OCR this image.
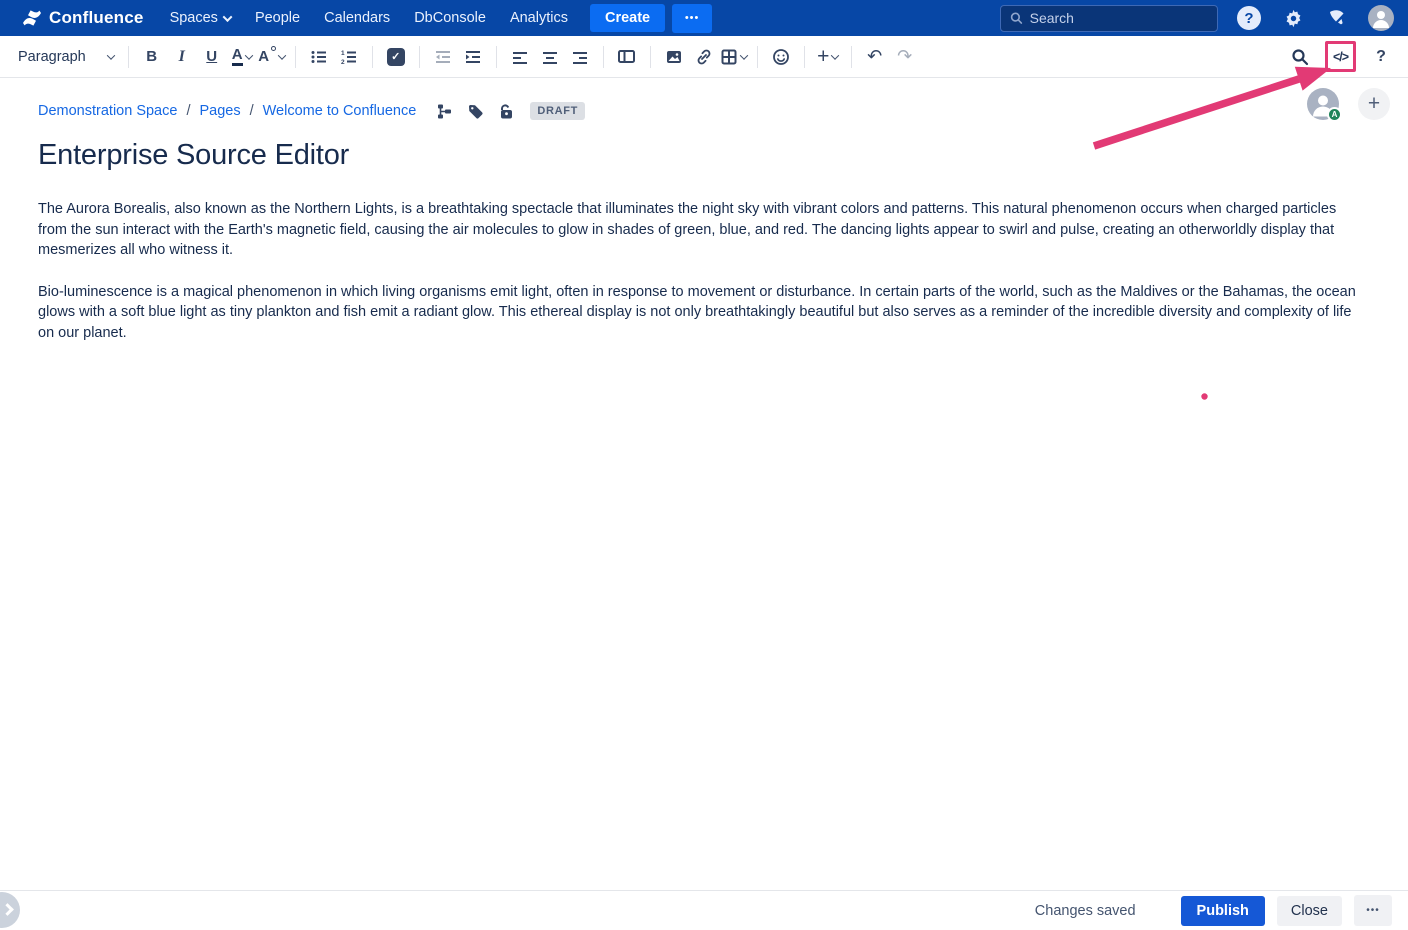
Confluence Spaces	People Calendars DbConsole Analytics	Create	•••
Search	?
Paragraph	B I U A A	1
2	✓	+ ↶ ↷	</> ?
Demonstration Space / Pages / Welcome to Confluence	DRAFT	A +
Enterprise Source Editor

The Aurora Borealis, also known as the Northern Lights, is a breathtaking spectacle that illuminates the night sky with vibrant colors and patterns. This natural phenomenon occurs when charged particles from the sun interact with the Earth's magnetic field, causing the air molecules to glow in shades of green, blue, and red. The dancing lights appear to swirl and pulse, creating an otherworldly display that mesmerizes all who witness it.

Bio-luminescence is a magical phenomenon in which living organisms emit light, often in response to movement or disturbance. In certain parts of the world, such as the Maldives or the Bahamas, the ocean glows with a soft blue light as tiny plankton and fish emit a radiant glow. This ethereal display is not only breathtakingly beautiful but also serves as a reminder of the incredible diversity and complexity of life on our planet.

Changes saved	Publish	Close	•••
